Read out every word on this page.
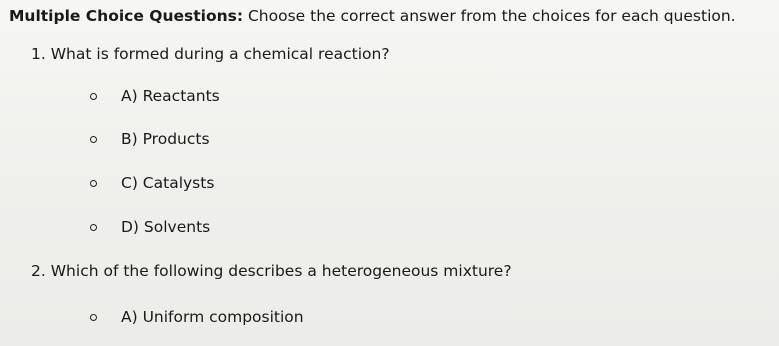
Multiple Choice Questions: Choose the correct answer from the choices for each question.
1. What is formed during a chemical reaction?
A) Reactants
B) Products
C) Catalysts
D) Solvents
2. Which of the following describes a heterogeneous mixture?
A) Uniform composition
